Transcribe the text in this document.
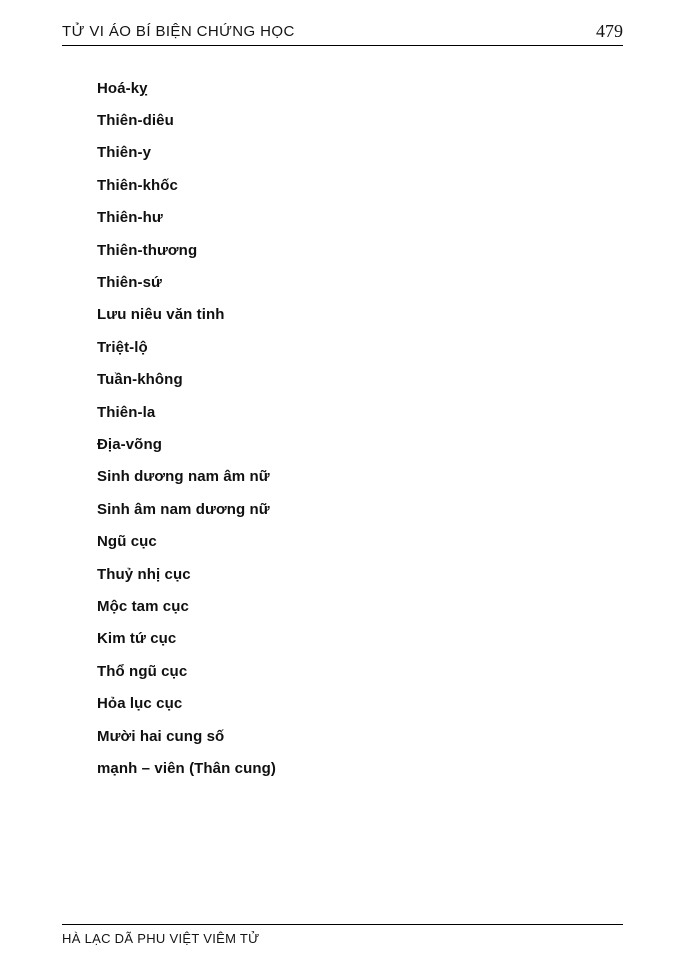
TỬ VI ÁO BÍ BIỆN CHỨNG HỌC	479
Hoá-kỵ
Thiên-diêu
Thiên-y
Thiên-khốc
Thiên-hư
Thiên-thương
Thiên-sứ
Lưu niêu văn tinh
Triệt-lộ
Tuần-không
Thiên-la
Địa-võng
Sinh dương nam âm nữ
Sinh âm nam dương nữ
Ngũ cục
Thuỷ nhị cục
Mộc tam cục
Kim tứ cục
Thổ ngũ cục
Hỏa lục cục
Mười hai cung số
mạnh – viên (Thân cung)
HÀ LẠC DÃ PHU VIỆT VIÊM TỬ
